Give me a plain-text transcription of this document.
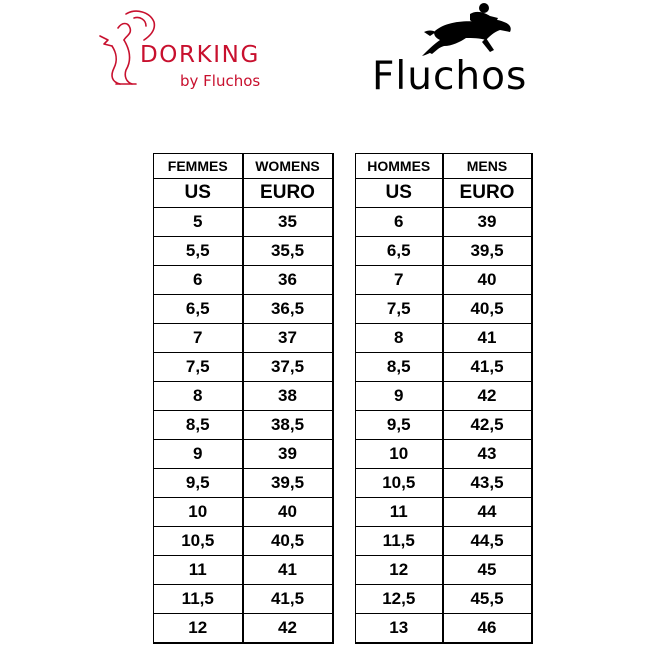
DORKING
by Fluchos	Fluchos
FEMMES	WOMENS
US	EURO
5	35
5,5	35,5
6	36
6,5	36,5
7	37
7,5	37,5
8	38
8,5	38,5
9	39
9,5	39,5
10	40
10,5	40,5
11	41
11,5	41,5
12	42
HOMMES	MENS
US	EURO
6	39
6,5	39,5
7	40
7,5	40,5
8	41
8,5	41,5
9	42
9,5	42,5
10	43
10,5	43,5
11	44
11,5	44,5
12	45
12,5	45,5
13	46
